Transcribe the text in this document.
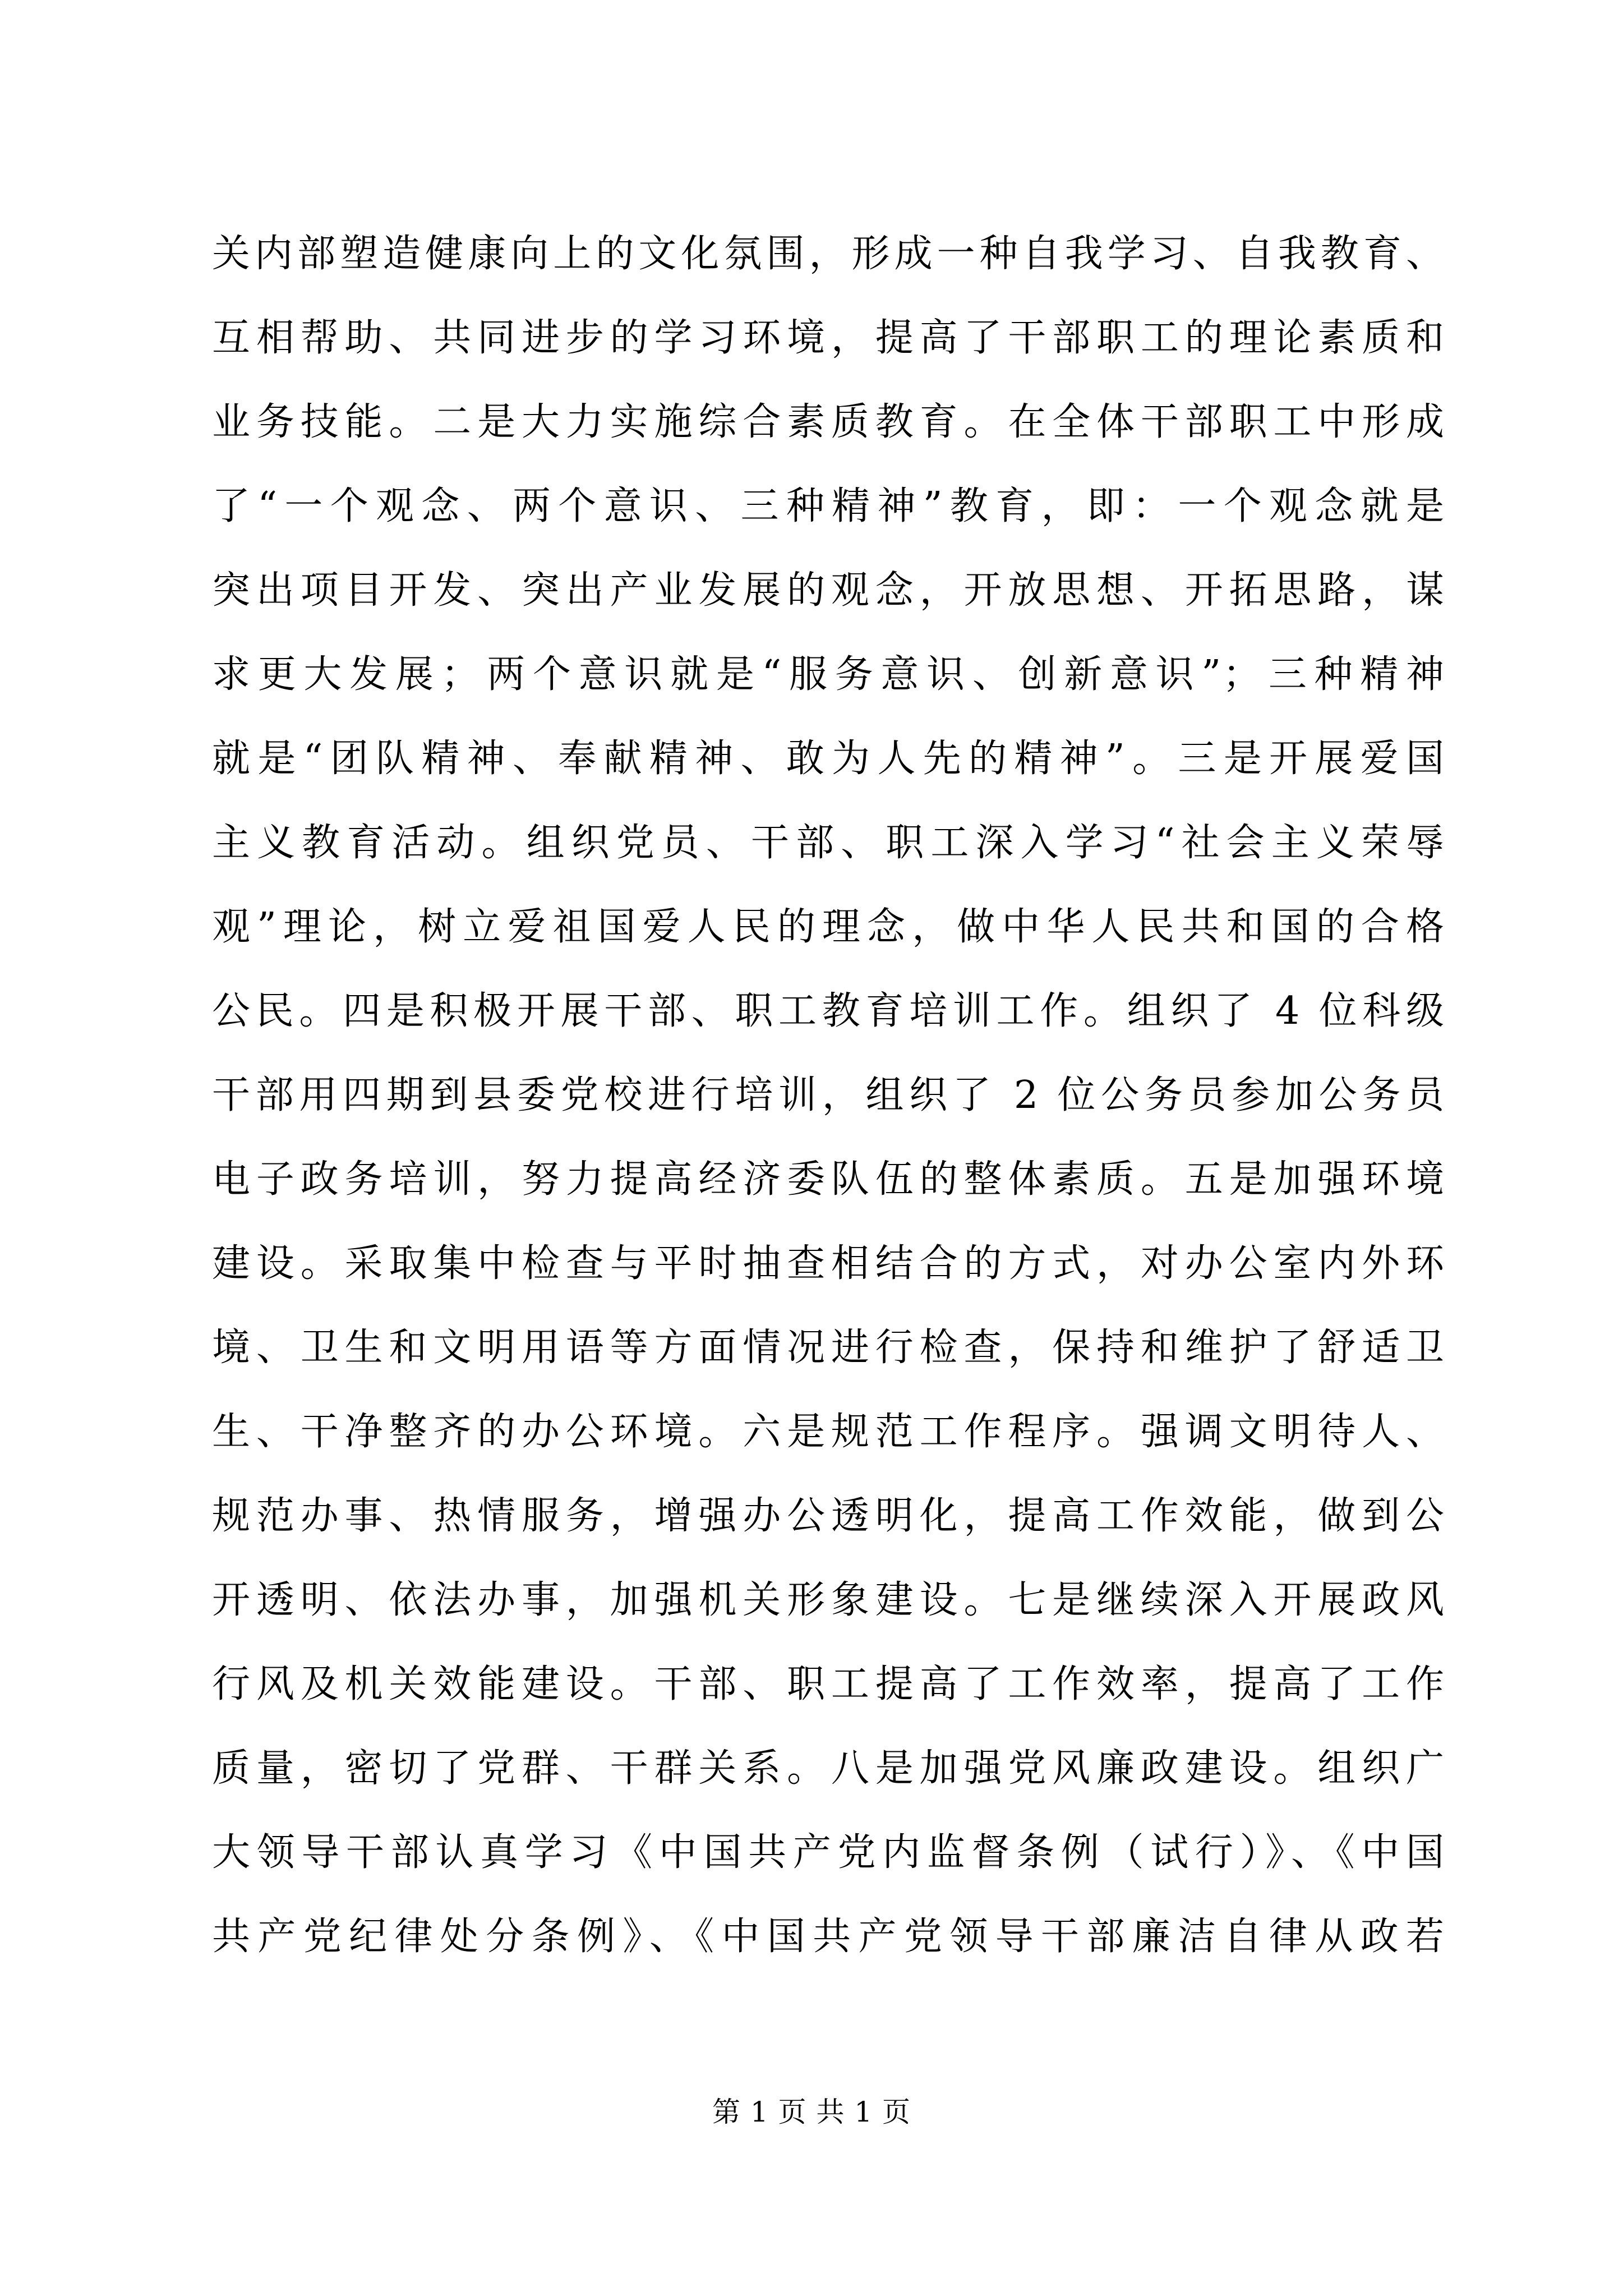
关内部塑造健康向上的文化氛围，形成一种自我学习、自我教育、
互相帮助、共同进步的学习环境，提高了干部职工的理论素质和
业务技能。二是大力实施综合素质教育。在全体干部职工中形成
了“一个观念、两个意识、三种精神”教育，即：一个观念就是
突出项目开发、突出产业发展的观念，开放思想、开拓思路，谋
求更大发展；两个意识就是“服务意识、创新意识”；三种精神
就是“团队精神、奉献精神、敢为人先的精神”。三是开展爱国
主义教育活动。组织党员、干部、职工深入学习“社会主义荣辱
观”理论，树立爱祖国爱人民的理念，做中华人民共和国的合格
公民。四是积极开展干部、职工教育培训工作。组织了 4 位科级
干部用四期到县委党校进行培训，组织了 2 位公务员参加公务员
电子政务培训，努力提高经济委队伍的整体素质。五是加强环境
建设。采取集中检查与平时抽查相结合的方式，对办公室内外环
境、卫生和文明用语等方面情况进行检查，保持和维护了舒适卫
生、干净整齐的办公环境。六是规范工作程序。强调文明待人、
规范办事、热情服务，增强办公透明化，提高工作效能，做到公
开透明、依法办事，加强机关形象建设。七是继续深入开展政风
行风及机关效能建设。干部、职工提高了工作效率，提高了工作
质量，密切了党群、干群关系。八是加强党风廉政建设。组织广
大领导干部认真学习《中国共产党内监督条例（试行）》、《中国
共产党纪律处分条例》、《中国共产党领导干部廉洁自律从政若
第 1 页 共 1 页
